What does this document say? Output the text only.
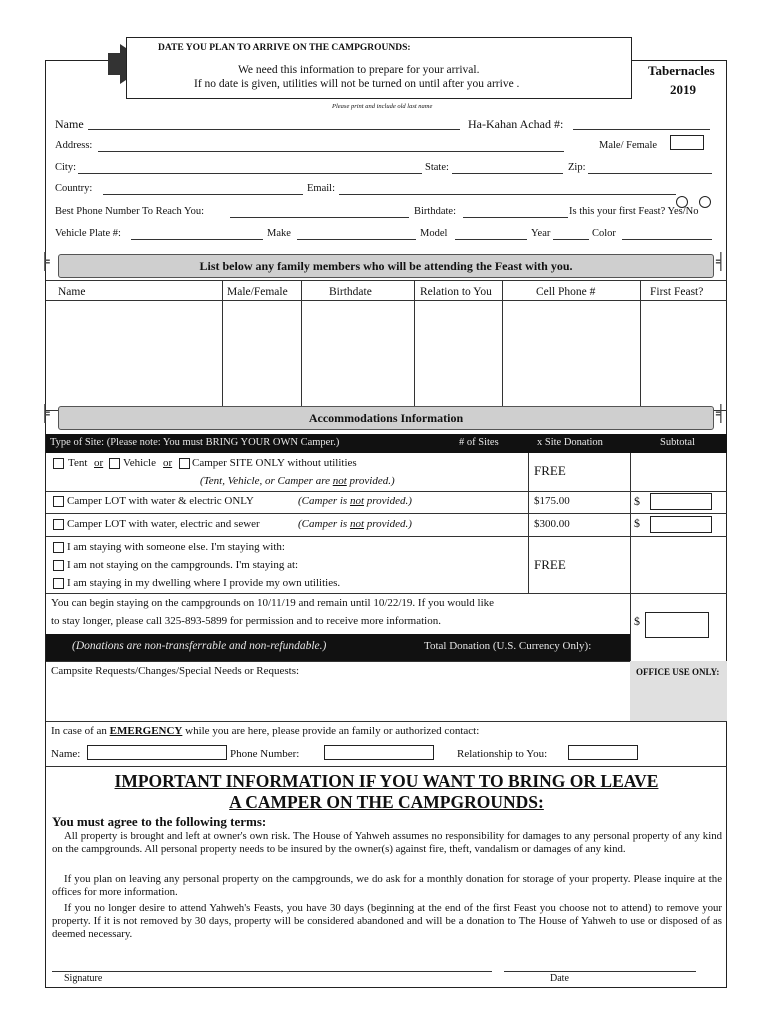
DATE YOU PLAN TO ARRIVE ON THE CAMPGROUNDS:
We need this information to prepare for your arrival.
If no date is given, utilities will not be turned on until after you arrive .
Tabernacles
2019
Please print and include old last name
Name	Ha-Kahan Achad #:
Address:	Male/ Female
City:	State:	Zip:
Country:	Email:
Best Phone Number To Reach You:	Birthdate:	Is this your first Feast? Yes/No
Vehicle Plate #:	Make	Model	Year	Color
╞	╡
List below any family members who will be attending the Feast with you.
Name	Male/Female	Birthdate	Relation to You	Cell Phone #	First Feast?
╞	╡
Accommodations Information
Type of Site: (Please note: You must BRING YOUR OWN Camper.)	# of Sites	x Site Donation	Subtotal
Tent or Vehicle or Camper SITE ONLY without utilities
(Tent, Vehicle, or Camper are not provided.)
FREE
Camper LOT with water & electric ONLY	(Camper is not provided.)	$175.00	$
Camper LOT with water, electric and sewer	(Camper is not provided.)	$300.00	$
I am staying with someone else. I'm staying with:
I am not staying on the campgrounds. I'm staying at:
I am staying in my dwelling where I provide my own utilities.
FREE
You can begin staying on the campgrounds on 10/11/19 and remain until 10/22/19. If you would like
to stay longer, please call 325-893-5899 for permission and to receive more information.	$
(Donations are non-transferrable and non-refundable.)	Total Donation (U.S. Currency Only):
Campsite Requests/Changes/Special Needs or Requests:	OFFICE USE ONLY:
In case of an EMERGENCY while you are here, please provide an family or authorized contact:
Name:	Phone Number:	Relationship to You:
IMPORTANT INFORMATION IF YOU WANT TO BRING OR LEAVE
A CAMPER ON THE CAMPGROUNDS:
You must agree to the following terms:
All property is brought and left at owner's own risk. The House of Yahweh assumes no responsibility for damages to any personal property of any kind on the campgrounds. All personal property needs to be insured by the owner(s) against fire, theft, vandalism or damages of any kind.
If you plan on leaving any personal property on the campgrounds, we do ask for a monthly donation for storage of your property. Please inquire at the offices for more information.
If you no longer desire to attend Yahweh's Feasts, you have 30 days (beginning at the end of the first Feast you choose not to attend) to remove your property. If it is not removed by 30 days, property will be considered abandoned and will be a donation to The House of Yahweh to use or disposed of as deemed necessary.
Signature	Date
